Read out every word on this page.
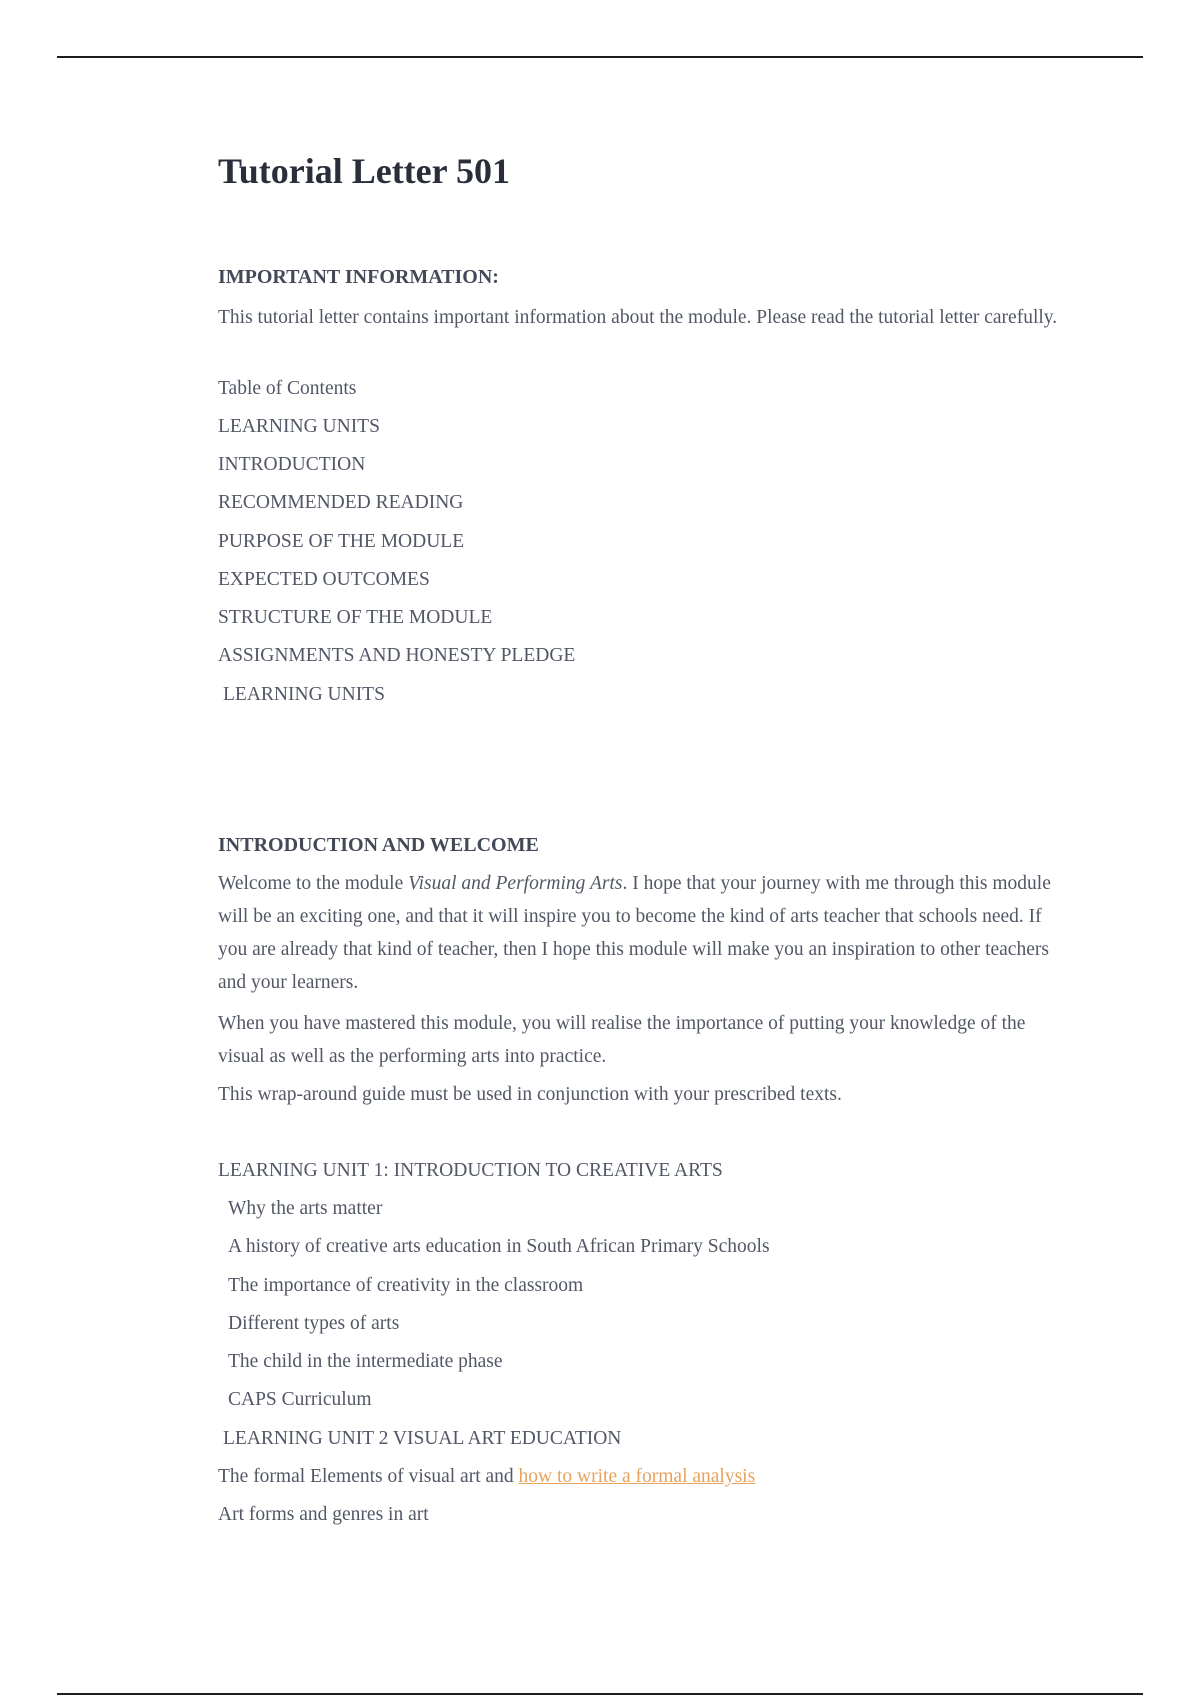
Tutorial Letter 501
IMPORTANT INFORMATION:

This tutorial letter contains important information about the module. Please read the tutorial letter carefully.

Table of Contents
LEARNING UNITS
INTRODUCTION
RECOMMENDED READING
PURPOSE OF THE MODULE
EXPECTED OUTCOMES
STRUCTURE OF THE MODULE
ASSIGNMENTS AND HONESTY PLEDGE
LEARNING UNITS
INTRODUCTION AND WELCOME

Welcome to the module Visual and Performing Arts. I hope that your journey with me through this module will be an exciting one, and that it will inspire you to become the kind of arts teacher that schools need. If you are already that kind of teacher, then I hope this module will make you an inspiration to other teachers and your learners.

When you have mastered this module, you will realise the importance of putting your knowledge of the visual as well as the performing arts into practice.

This wrap-around guide must be used in conjunction with your prescribed texts.

LEARNING UNIT 1: INTRODUCTION TO CREATIVE ARTS
Why the arts matter
A history of creative arts education in South African Primary Schools
The importance of creativity in the classroom
Different types of arts
The child in the intermediate phase
CAPS Curriculum
LEARNING UNIT 2 VISUAL ART EDUCATION
The formal Elements of visual art and how to write a formal analysis
Art forms and genres in art
